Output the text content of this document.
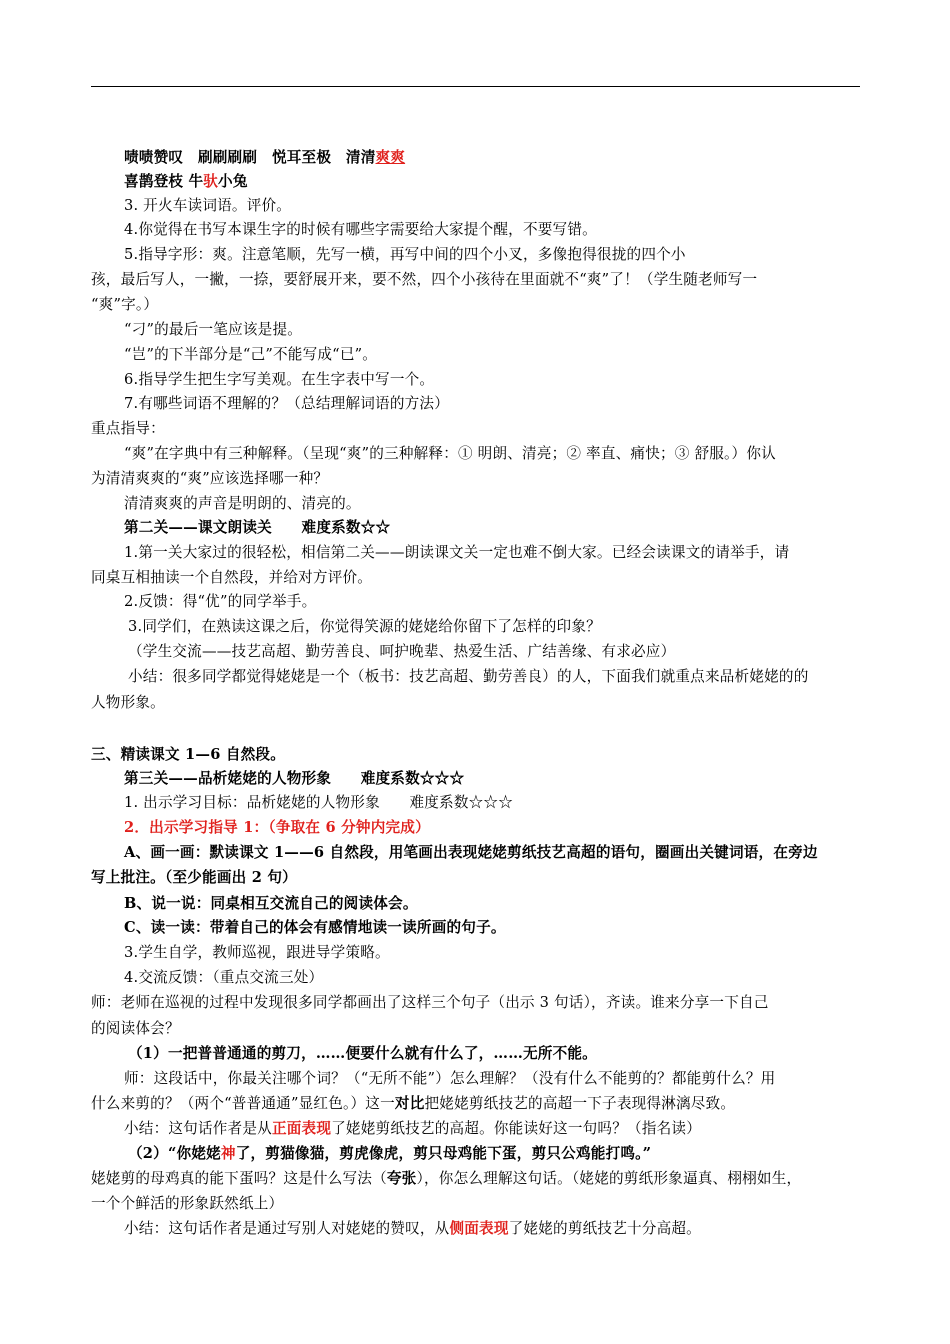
啧啧赞叹　刷刷刷刷　悦耳至极　清清爽爽
喜鹊登枝 牛驮小兔
3. 开火车读词语。评价。
4.你觉得在书写本课生字的时候有哪些字需要给大家提个醒，不要写错。
5.指导字形：爽。注意笔顺，先写一横，再写中间的四个小叉，多像抱得很拢的四个小
孩，最后写人，一撇，一捺，要舒展开来，要不然，四个小孩待在里面就不“爽”了！（学生随老师写一
“爽”字。）
“刁”的最后一笔应该是提。
“岂”的下半部分是“己”不能写成“已”。
6.指导学生把生字写美观。在生字表中写一个。
7.有哪些词语不理解的？（总结理解词语的方法）
重点指导：
“爽”在字典中有三种解释。（呈现“爽”的三种解释：① 明朗、清亮；② 率直、痛快；③ 舒服。）你认
为清清爽爽的“爽”应该选择哪一种？
清清爽爽的声音是明朗的、清亮的。
第二关——课文朗读关　　难度系数☆☆
1.第一关大家过的很轻松，相信第二关——朗读课文关一定也难不倒大家。已经会读课文的请举手，请
同桌互相抽读一个自然段，并给对方评价。
2.反馈：得“优”的同学举手。
3.同学们，在熟读这课之后，你觉得笑源的姥姥给你留下了怎样的印象？
（学生交流——技艺高超、勤劳善良、呵护晚辈、热爱生活、广结善缘、有求必应）
小结：很多同学都觉得姥姥是一个（板书：技艺高超、勤劳善良）的人，下面我们就重点来品析姥姥的的
人物形象。
三、精读课文 1—6 自然段。
第三关——品析姥姥的人物形象　　难度系数☆☆☆
1. 出示学习目标：品析姥姥的人物形象　　难度系数☆☆☆
2．出示学习指导 1：（争取在 6 分钟内完成）
A、画一画：默读课文 1——6 自然段，用笔画出表现姥姥剪纸技艺高超的语句，圈画出关键词语，在旁边
写上批注。（至少能画出 2 句）
B、说一说：同桌相互交流自己的阅读体会。
C、读一读：带着自己的体会有感情地读一读所画的句子。
3.学生自学，教师巡视，跟进导学策略。
4.交流反馈：（重点交流三处）
师：老师在巡视的过程中发现很多同学都画出了这样三个句子（出示 3 句话），齐读。谁来分享一下自己
的阅读体会？
（1）一把普普通通的剪刀，……便要什么就有什么了，……无所不能。
师：这段话中，你最关注哪个词？（“无所不能”）怎么理解？（没有什么不能剪的？都能剪什么？用
什么来剪的？（两个“普普通通”显红色。）这一对比把姥姥剪纸技艺的高超一下子表现得淋漓尽致。
小结：这句话作者是从正面表现了姥姥剪纸技艺的高超。你能读好这一句吗？（指名读）
（2）“你姥姥神了，剪猫像猫，剪虎像虎，剪只母鸡能下蛋，剪只公鸡能打鸣。”
姥姥剪的母鸡真的能下蛋吗？这是什么写法（夸张），你怎么理解这句话。（姥姥的剪纸形象逼真、栩栩如生，
一个个鲜活的形象跃然纸上）
小结：这句话作者是通过写别人对姥姥的赞叹，从侧面表现了姥姥的剪纸技艺十分高超。
